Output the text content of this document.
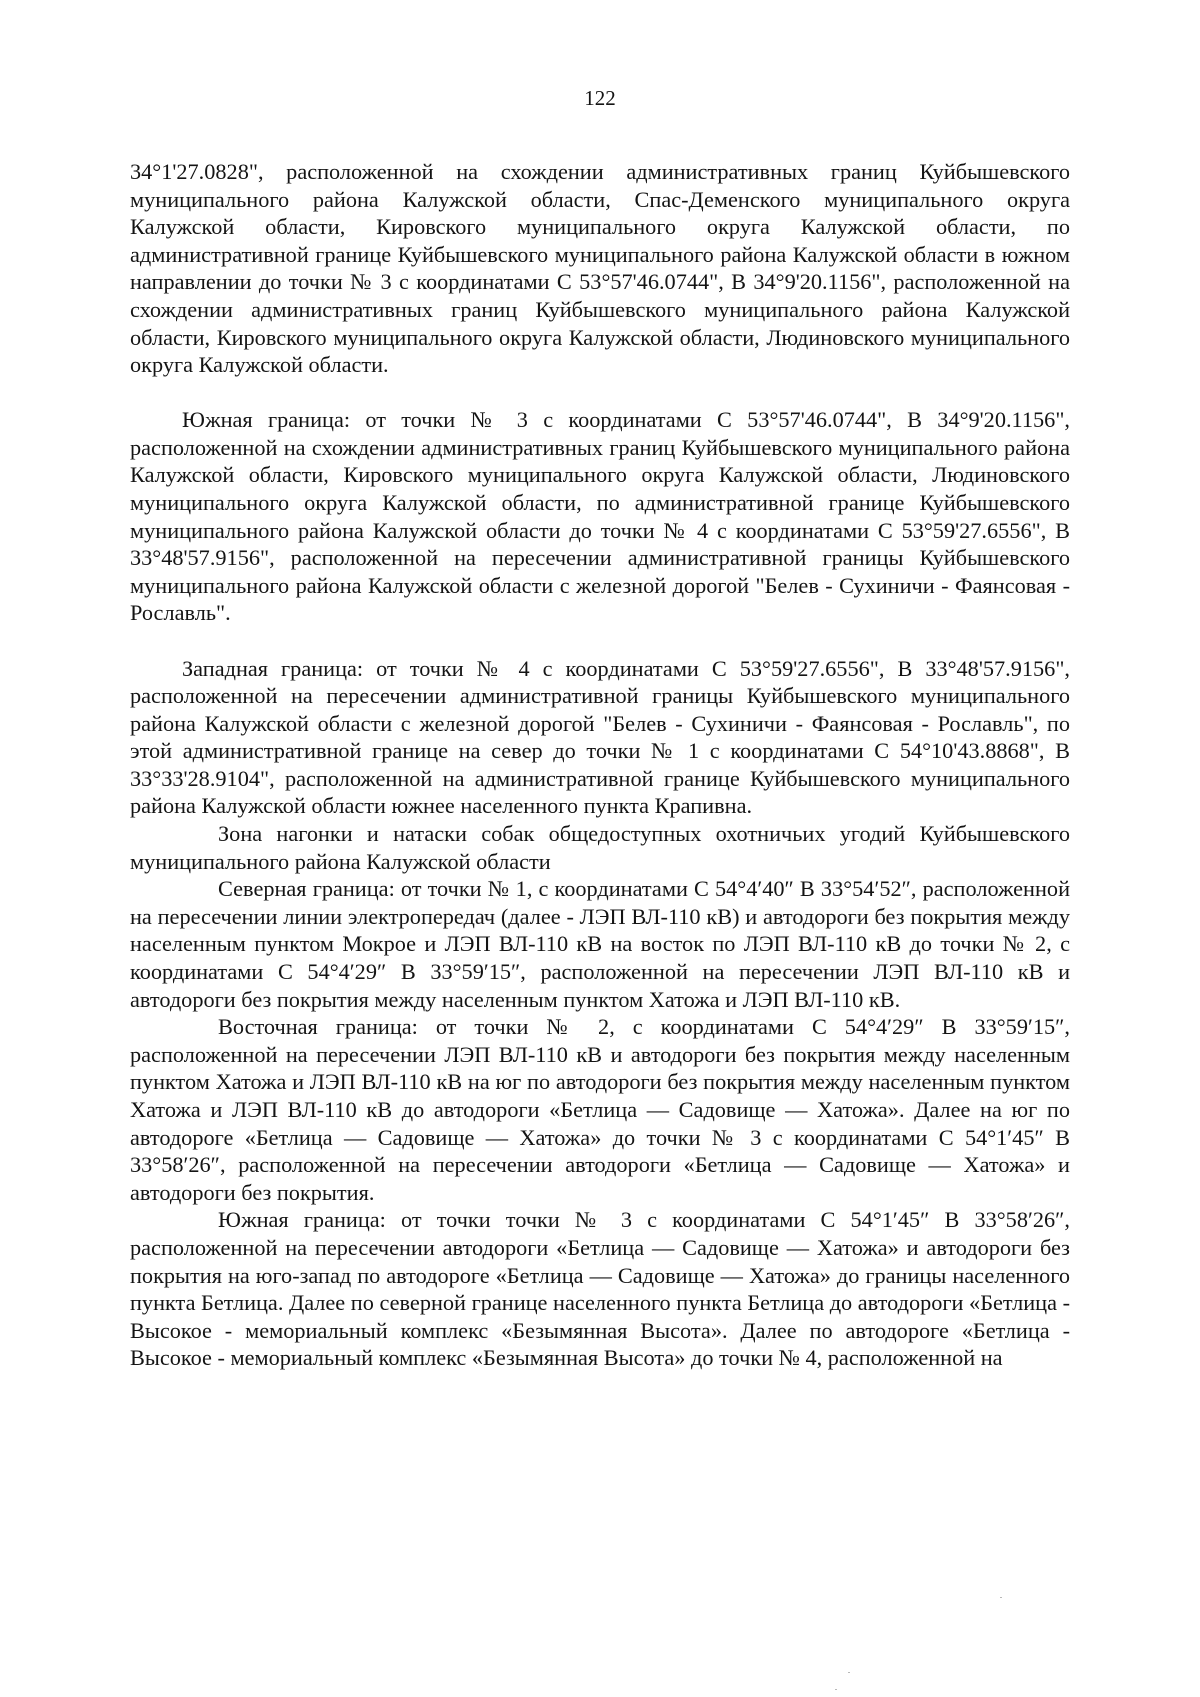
122

34°1'27.0828", расположенной на схождении административных границ Куйбышевского муниципального района Калужской области, Спас-Деменского муниципального округа Калужской области, Кировского муниципального округа Калужской области, по административной границе Куйбышевского муниципального района Калужской области в южном направлении до точки № 3 с координатами С 53°57'46.0744", В 34°9'20.1156", расположенной на схождении административных границ Куйбышевского муниципального района Калужской области, Кировского муниципального округа Калужской области, Людиновского муниципального округа Калужской области.

Южная граница: от точки № 3 с координатами С 53°57'46.0744", В 34°9'20.1156", расположенной на схождении административных границ Куйбышевского муниципального района Калужской области, Кировского муниципального округа Калужской области, Людиновского муниципального округа Калужской области, по административной границе Куйбышевского муниципального района Калужской области до точки № 4 с координатами С 53°59'27.6556", В 33°48'57.9156", расположенной на пересечении административной границы Куйбышевского муниципального района Калужской области с железной дорогой "Белев - Сухиничи - Фаянсовая - Рославль".

Западная граница: от точки № 4 с координатами С 53°59'27.6556", В 33°48'57.9156", расположенной на пересечении административной границы Куйбышевского муниципального района Калужской области с железной дорогой "Белев - Сухиничи - Фаянсовая - Рославль", по этой административной границе на север до точки № 1 с координатами С 54°10'43.8868", В 33°33'28.9104", расположенной на административной границе Куйбышевского муниципального района Калужской области южнее населенного пункта Крапивна.

Зона нагонки и натаски собак общедоступных охотничьих угодий Куйбышевского муниципального района Калужской области

Северная граница: от точки № 1, с координатами С 54°4′40″ В 33°54′52″, расположенной на пересечении линии электропередач (далее - ЛЭП ВЛ-110 кВ) и автодороги без покрытия между населенным пунктом Мокрое и ЛЭП ВЛ-110 кВ на восток по ЛЭП ВЛ-110 кВ до точки № 2, с координатами С 54°4′29″ В 33°59′15″, расположенной на пересечении ЛЭП ВЛ-110 кВ и автодороги без покрытия между населенным пунктом Хатожа и ЛЭП ВЛ-110 кВ.

Восточная граница: от точки № 2, с координатами С 54°4′29″ В 33°59′15″, расположенной на пересечении ЛЭП ВЛ-110 кВ и автодороги без покрытия между населенным пунктом Хатожа и ЛЭП ВЛ-110 кВ на юг по автодороги без покрытия между населенным пунктом Хатожа и ЛЭП ВЛ-110 кВ до автодороги «Бетлица — Садовище — Хатожа». Далее на юг по автодороге «Бетлица — Садовище — Хатожа» до точки № 3 с координатами С 54°1′45″ В 33°58′26″, расположенной на пересечении автодороги «Бетлица — Садовище — Хатожа» и автодороги без покрытия.

Южная граница: от точки точки № 3 с координатами С 54°1′45″ В 33°58′26″, расположенной на пересечении автодороги «Бетлица — Садовище — Хатожа» и автодороги без покрытия на юго-запад по автодороге «Бетлица — Садовище — Хатожа» до границы населенного пункта Бетлица. Далее по северной границе населенного пункта Бетлица до автодороги «Бетлица - Высокое - мемориальный комплекс «Безымянная Высота». Далее по автодороге «Бетлица - Высокое - мемориальный комплекс «Безымянная Высота» до точки № 4, расположенной на
